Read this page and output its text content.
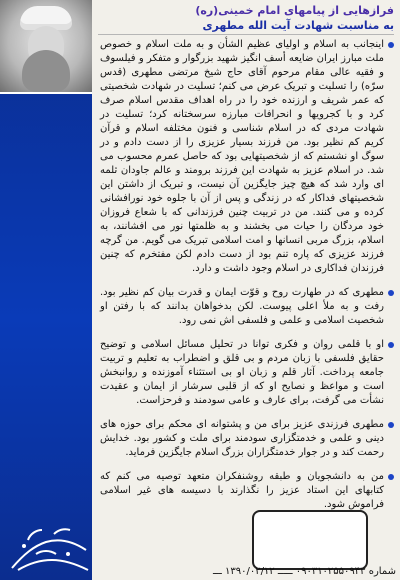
فرازهایی از پیامهای امام خمینی(ره)
به مناسبت شهادت آیت الله مطهری

اینجانب به اسلام و اولیای عظیم الشأن و به ملت اسلام و خصوص ملت مبارز ایران ضایعه أسف انگیز شهید بزرگوار و متفکر و فیلسوف و فقیه عالی مقام مرحوم آقای حاج شیخ مرتضی مطهری (قدس سرّه) را تسلیت و تبریک عرض می کنم؛ تسلیت در شهادت شخصیتی که عمر شریف و ارزنده خود را در راه اهداف مقدس اسلام صرف کرد و با کجرویها و انحرافات مبارزه سرسختانه کرد؛ تسلیت در شهادت مردی که در اسلام شناسی و فنون مختلفه اسلام و قرآن کریم کم نظیر بود. من فرزند بسیار عزیزی را از دست دادم و در سوگ او نشستم که از شخصیتهایی بود که حاصل عمرم محسوب می شد. در اسلام عزیز به شهادت این فرزند برومند و عالم جاودان ثلمه ای وارد شد که هیچ چیز جایگزین آن نیست، و تبریک از داشتن این شخصیتهای فداکار که در زندگی و پس از آن با جلوه خود نورافشانی کرده و می کنند. من در تربیت چنین فرزندانی که با شعاع فروزان خود مردگان را حیات می بخشند و به ظلمتها نور می افشانند، به اسلام، بزرگ مربی انسانها و امت اسلامی تبریک می گویم. من گرچه فرزند عزیزی که پاره تنم بود از دست دادم لکن مفتخرم که چنین فرزندان فداکاری در اسلام وجود داشت و دارد.

مطهری که در طهارت روح و قوّت ایمان و قدرت بیان کم نظیر بود. رفت و به ملأ اعلی پیوست. لکن بدخواهان بدانند که با رفتن او شخصیت اسلامی و علمی و فلسفی اش نمی رود.

او با قلمی روان و فکری توانا در تحلیل مسائل اسلامی و توضیح حقایق فلسفی با زبان مردم و بی قلق و اضطراب به تعلیم و تربیت جامعه پرداخت. آثار قلم و زبان او بی استثناء آموزنده و روانبخش است و مواعظ و نصایح او که از قلبی سرشار از ایمان و عقیدت نشأت می گرفت، برای عارف و عامی سودمند و فرحزاست.

مطهری فرزندی عزیز برای من و پشتوانه ای محکم برای حوزه های دینی و علمی و خدمتگزاری سودمند برای ملت و کشور بود. خدایش رحمت کند و در جوار خدمتگزاران بزرگ اسلام جایگزین فرماید.

من به دانشجویان و طبقه روشنفکران متعهد توصیه می کنم که کتابهای این استاد عزیز را نگذارند با دسیسه های غیر اسلامی فراموش شود.

شماره ۰۹۰۳۱۰۲۵۵۰۹۴۳ ـــــ ۱۳۹۰/۰۲/۱۲ ـــ
